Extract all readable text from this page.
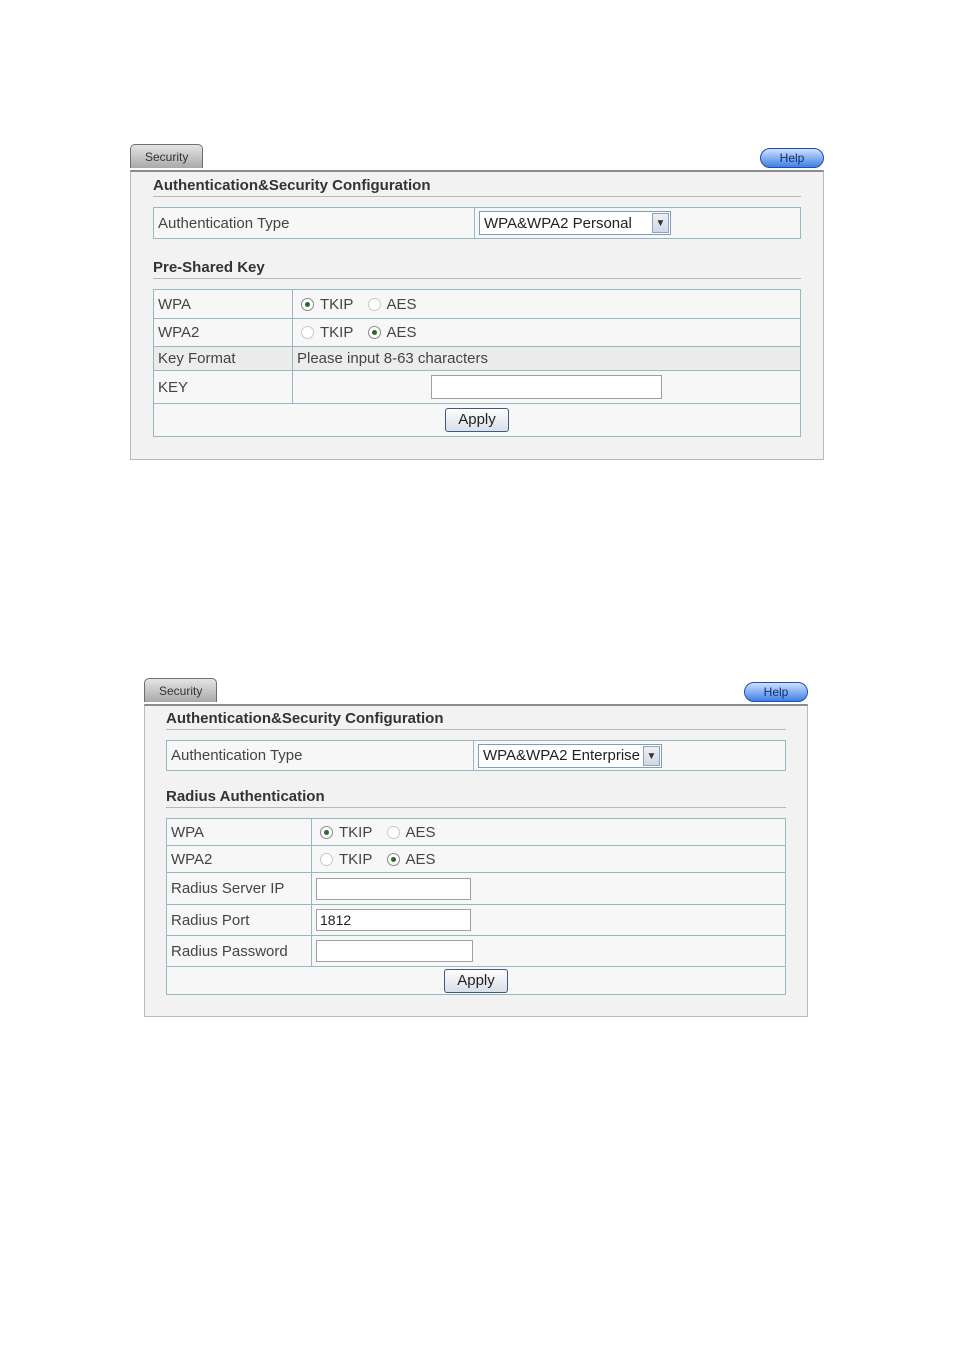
Security	Help
Authentication&Security Configuration
Authentication Type	WPA&WPA2 Personal	▼
Pre-Shared Key
WPA	TKIP AES
WPA2	TKIP AES
Key Format	Please input 8-63 characters
KEY	
Apply	
Security	Help
Authentication&Security Configuration
Authentication Type	WPA&WPA2 Enterprise ▼
Radius Authentication
WPA	TKIP AES
WPA2	TKIP AES
Radius Server IP	
Radius Port	1812
Radius Password	
Apply	
